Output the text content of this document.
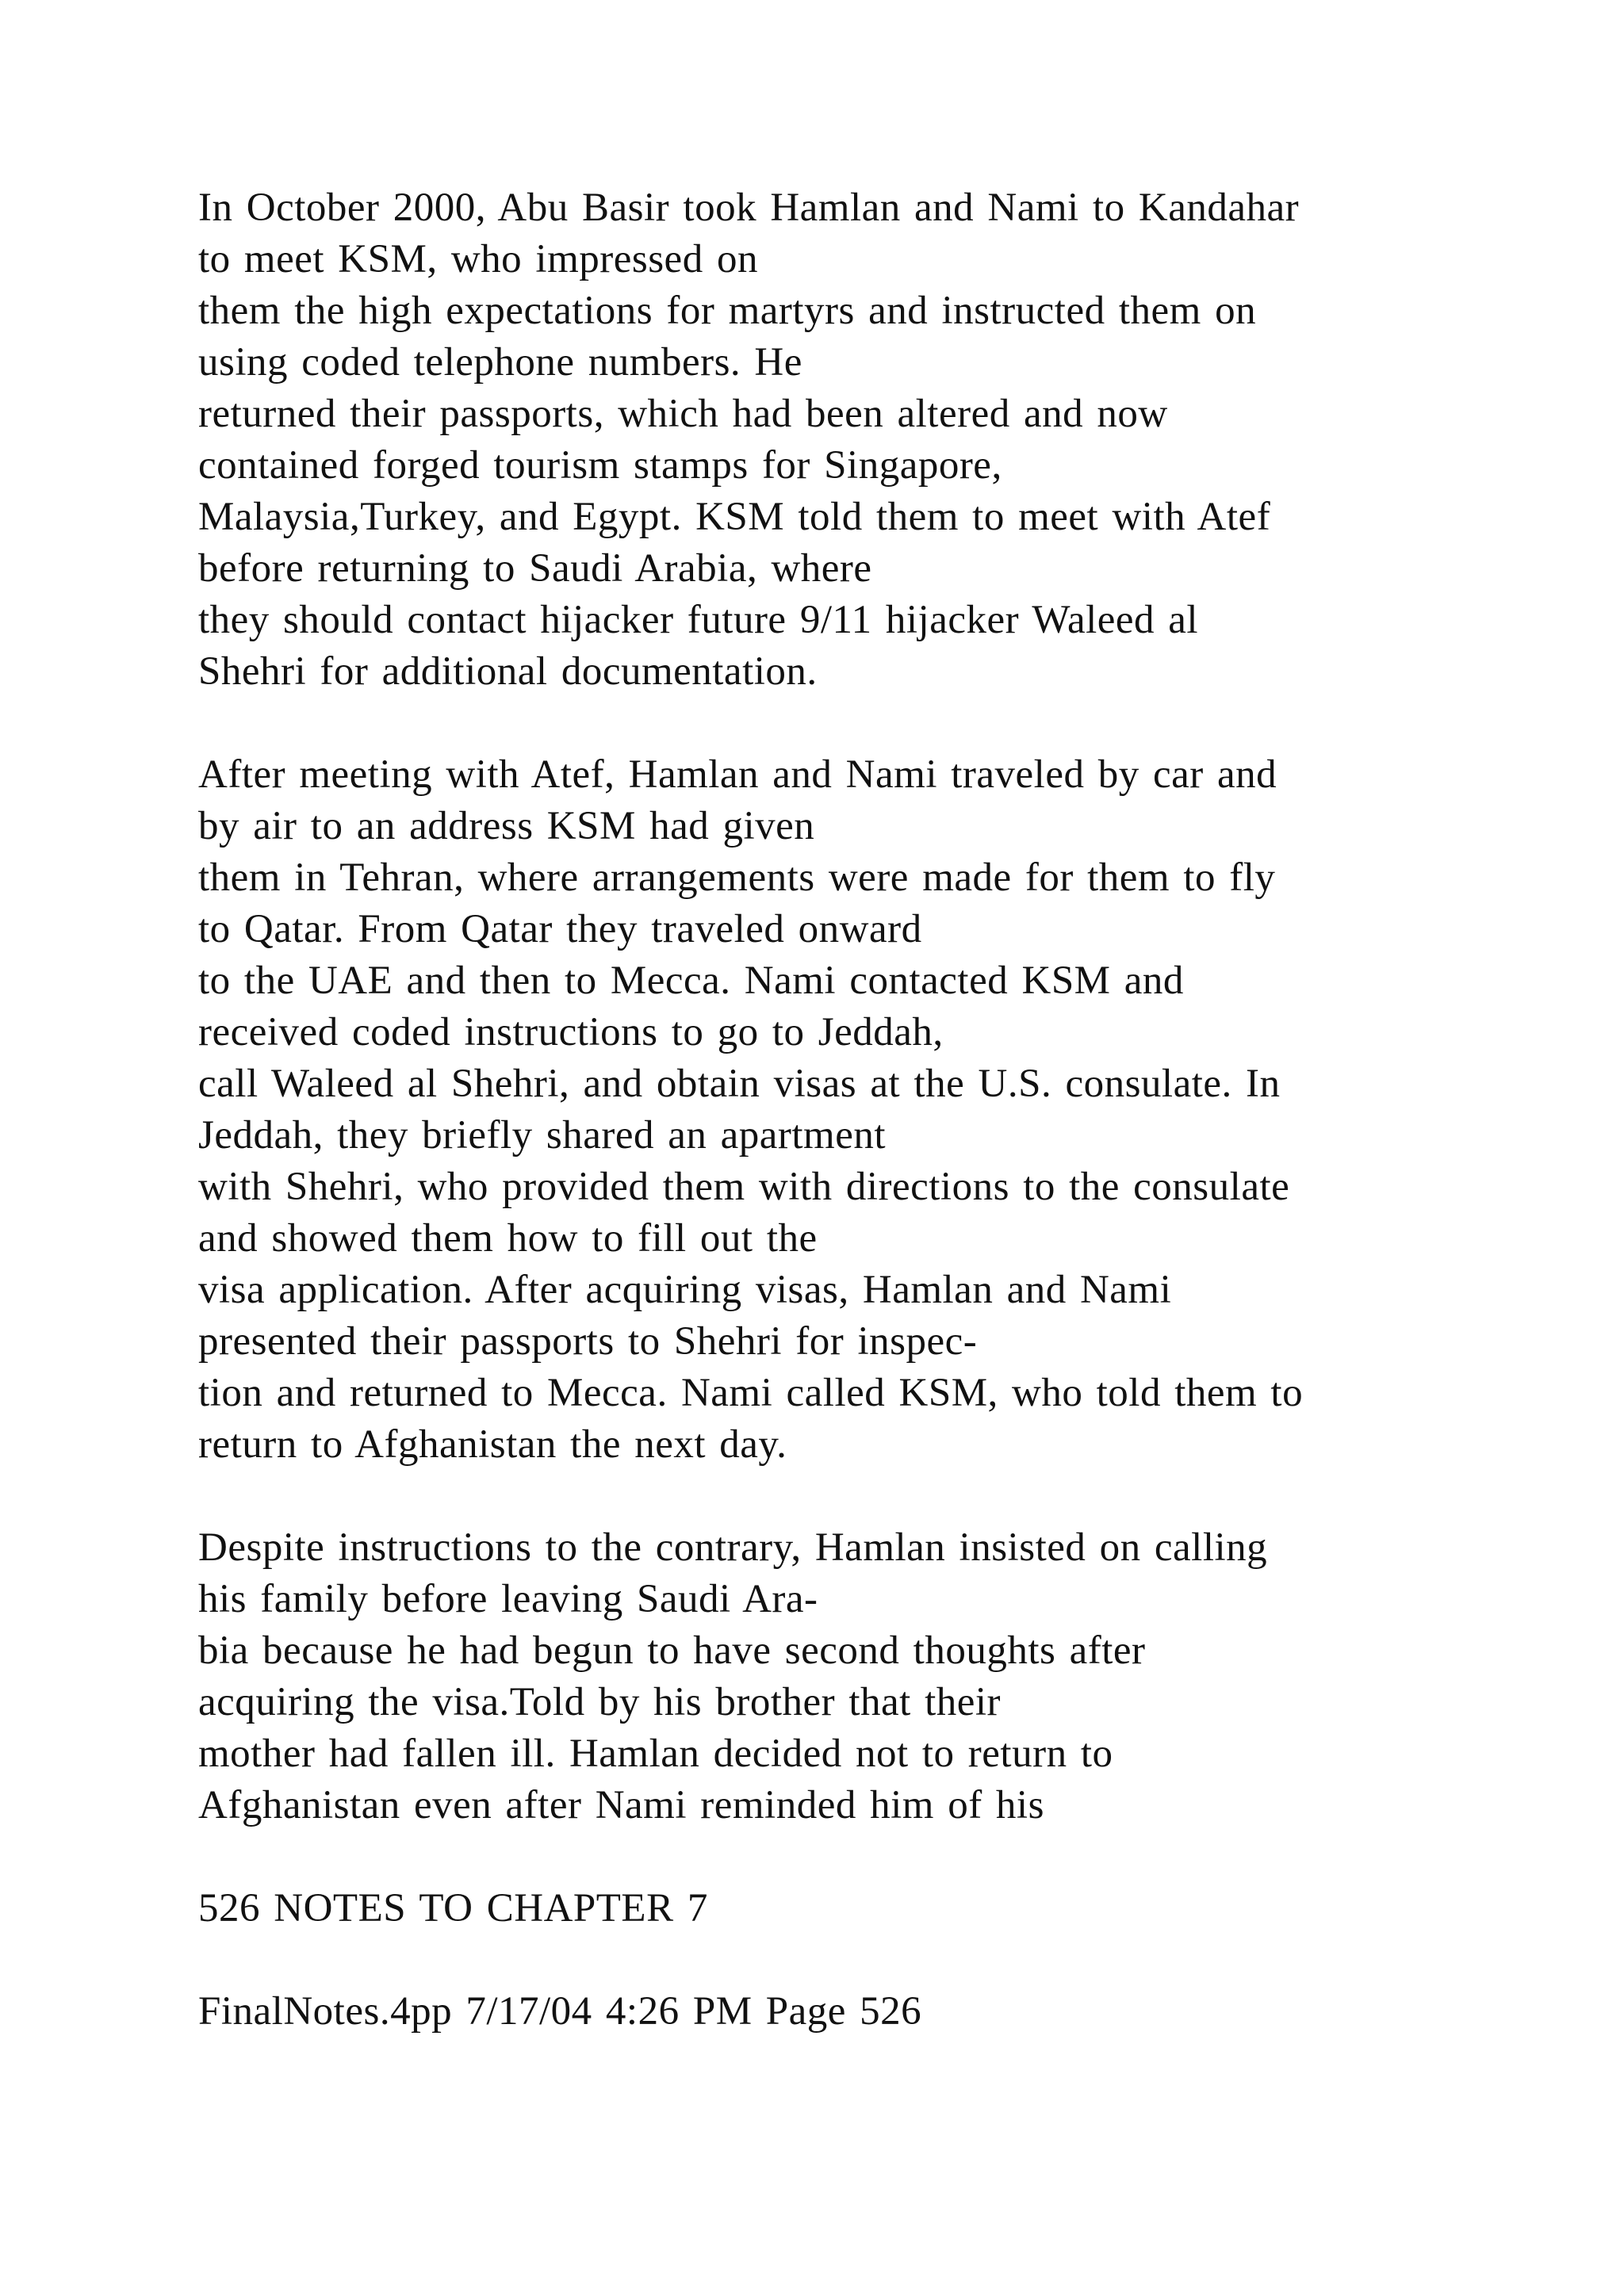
In October 2000, Abu Basir took Hamlan and Nami to Kandahar
to meet KSM, who impressed on
them the high expectations for martyrs and instructed them on
using coded telephone numbers. He
returned their passports, which had been altered and now
contained forged tourism stamps for Singapore,
Malaysia,Turkey, and Egypt. KSM told them to meet with Atef
before returning to Saudi Arabia, where
they should contact hijacker future 9/11 hijacker Waleed al
Shehri for additional documentation.
After meeting with Atef, Hamlan and Nami traveled by car and
by air to an address KSM had given
them in Tehran, where arrangements were made for them to fly
to Qatar. From Qatar they traveled onward
to the UAE and then to Mecca. Nami contacted KSM and
received coded instructions to go to Jeddah,
call Waleed al Shehri, and obtain visas at the U.S. consulate. In
Jeddah, they briefly shared an apartment
with Shehri, who provided them with directions to the consulate
and showed them how to fill out the
visa application. After acquiring visas, Hamlan and Nami
presented their passports to Shehri for inspec-
tion and returned to Mecca. Nami called KSM, who told them to
return to Afghanistan the next day.
Despite instructions to the contrary, Hamlan insisted on calling
his family before leaving Saudi Ara-
bia because he had begun to have second thoughts after
acquiring the visa.Told by his brother that their
mother had fallen ill. Hamlan decided not to return to
Afghanistan even after Nami reminded him of his
526 NOTES TO CHAPTER 7
FinalNotes.4pp 7/17/04 4:26 PM Page 526
